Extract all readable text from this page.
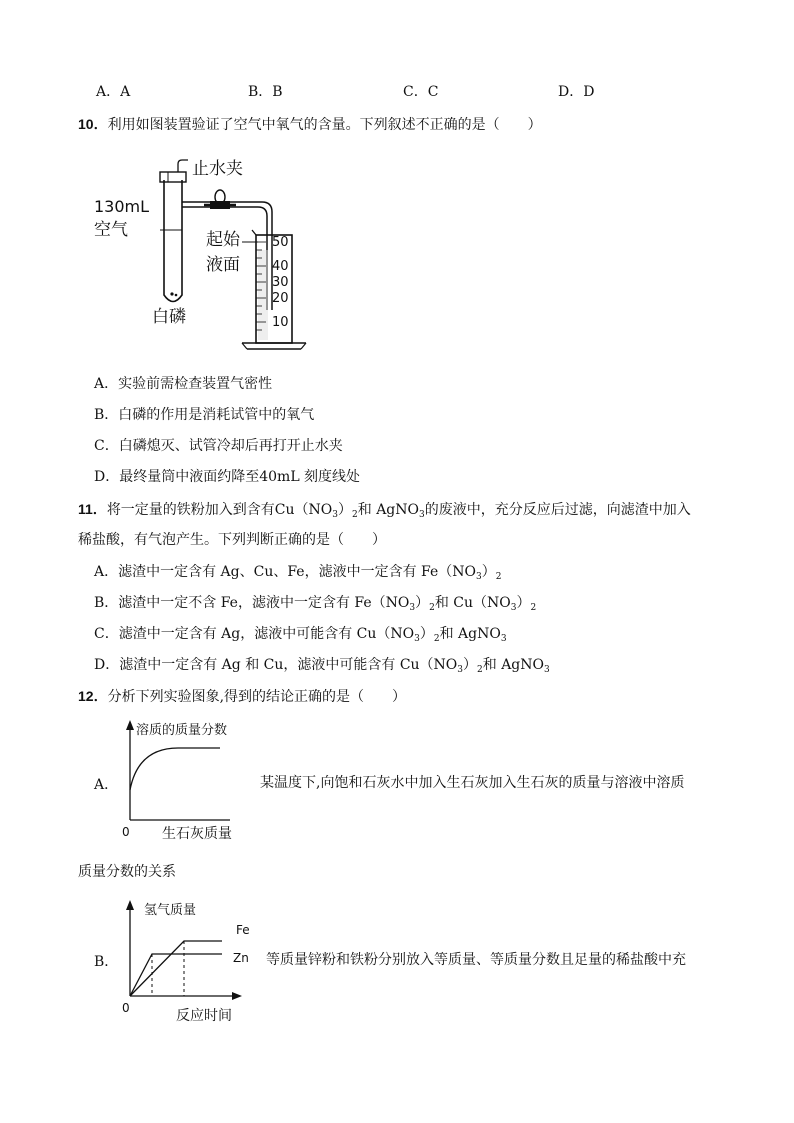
A．A	B．B	C．C	D．D
10．利用如图装置验证了空气中氧气的含量。下列叙述不正确的是（　　）
止水夹
130mL
空气	起始
液面
白磷
50
40
30
20
10
A．实验前需检查装置气密性
B．白磷的作用是消耗试管中的氧气
C．白磷熄灭、试管冷却后再打开止水夹
D．最终量筒中液面约降至40mL 刻度线处
11．将一定量的铁粉加入到含有$Cu(NO_3)_2$和 AgNO$_3$的废液中，充分反应后过滤，向滤渣中加入
稀盐酸，有气泡产生。下列判断正确的是（　　）
A．滤渣中一定含有 Ag、Cu、Fe，滤液中一定含有 $Fe(NO_3)_2$
B．滤渣中一定不含 Fe，滤液中一定含有 $Fe(NO_3)_2$和 $Cu(NO_3)_2$
C．滤渣中一定含有 Ag，滤液中可能含有 $Cu(NO_3)_2$和 AgNO$_3$
D．滤渣中一定含有 Ag 和 Cu，滤液中可能含有 $Cu(NO_3)_2$和 AgNO$_3$
12．分析下列实验图象,得到的结论正确的是（　　）
A．
溶质的质量分数
0 生石灰质量
某温度下,向饱和石灰水中加入生石灰加入生石灰的质量与溶液中溶质
质量分数的关系
B．
氢气质量
Fe
Zn
0	反应时间
等质量锌粉和铁粉分别放入等质量、等质量分数且足量的稀盐酸中充
